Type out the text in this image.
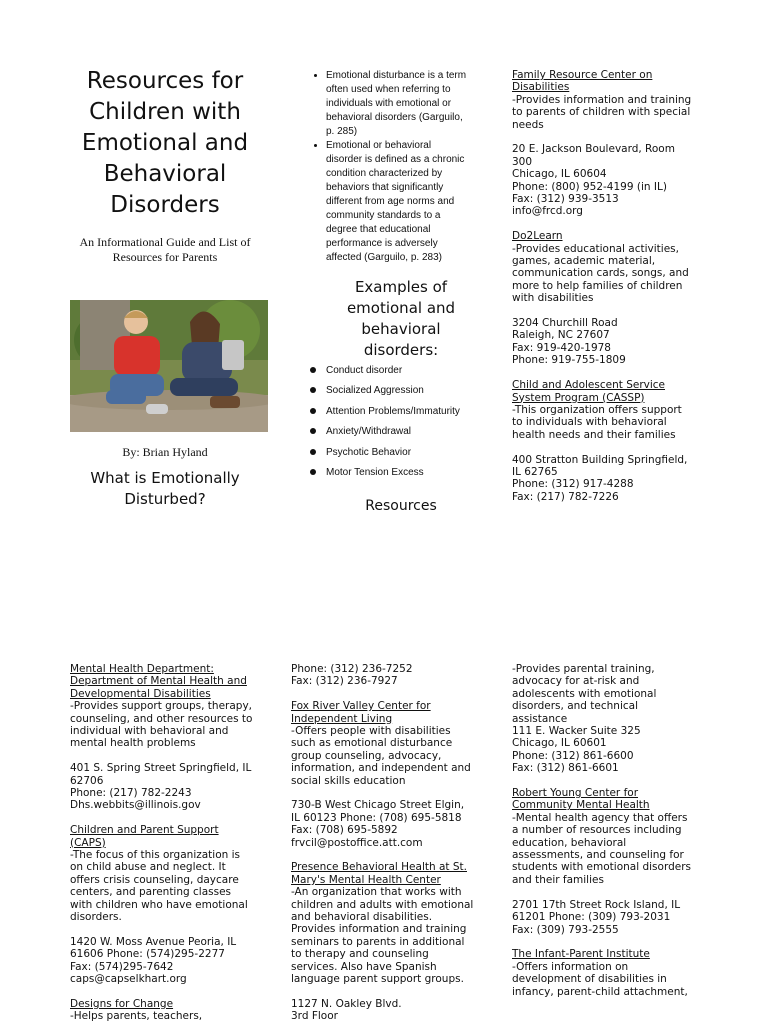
Resources for
Children with
Emotional and
Behavioral
Disorders
An Informational Guide and List of
Resources for Parents
By: Brian Hyland
What is Emotionally
Disturbed?
• Emotional disturbance is a term
often used when referring to
individuals with emotional or
behavioral disorders (Garguilo,
p. 285)
• Emotional or behavioral
disorder is defined as a chronic
condition characterized by
behaviors that significantly
different from age norms and
community standards to a
degree that educational
performance is adversely
affected (Garguilo, p. 283)
Examples of
emotional and
behavioral
disorders:
Conduct disorder
Socialized Aggression
Attention Problems/Immaturity
Anxiety/Withdrawal
Psychotic Behavior
Motor Tension Excess
Resources
Family Resource Center on
Disabilities
-Provides information and training
to parents of children with special
needs
20 E. Jackson Boulevard, Room
300
Chicago, IL 60604
Phone: (800) 952-4199 (in IL)
Fax: (312) 939-3513
info@frcd.org
Do2Learn
-Provides educational activities,
games, academic material,
communication cards, songs, and
more to help families of children
with disabilities
3204 Churchill Road
Raleigh, NC 27607
Fax: 919-420-1978
Phone: 919-755-1809
Child and Adolescent Service
System Program (CASSP)
-This organization offers support
to individuals with behavioral
health needs and their families
400 Stratton Building Springfield,
IL 62765
Phone: (312) 917-4288
Fax: (217) 782-7226
Mental Health Department:
Department of Mental Health and
Developmental Disabilities
-Provides support groups, therapy,
counseling, and other resources to
individual with behavioral and
mental health problems
401 S. Spring Street Springfield, IL
62706
Phone: (217) 782-2243
Dhs.webbits@illinois.gov
Children and Parent Support
(CAPS)
-The focus of this organization is
on child abuse and neglect. It
offers crisis counseling, daycare
centers, and parenting classes
with children who have emotional
disorders.
1420 W. Moss Avenue Peoria, IL
61606 Phone: (574)295-2277
Fax: (574)295-7642
caps@capselkhart.org
Designs for Change
-Helps parents, teachers,
Phone: (312) 236-7252
Fax: (312) 236-7927
Fox River Valley Center for
Independent Living
-Offers people with disabilities
such as emotional disturbance
group counseling, advocacy,
information, and independent and
social skills education
730-B West Chicago Street Elgin,
IL 60123 Phone: (708) 695-5818
Fax: (708) 695-5892
frvcil@postoffice.att.com
Presence Behavioral Health at St.
Mary's Mental Health Center
-An organization that works with
children and adults with emotional
and behavioral disabilities.
Provides information and training
seminars to parents in additional
to therapy and counseling
services. Also have Spanish
language parent support groups.
1127 N. Oakley Blvd.
3rd Floor
-Provides parental training,
advocacy for at-risk and
adolescents with emotional
disorders, and technical
assistance
111 E. Wacker Suite 325
Chicago, IL 60601
Phone: (312) 861-6600
Fax: (312) 861-6601
Robert Young Center for
Community Mental Health
-Mental health agency that offers
a number of resources including
education, behavioral
assessments, and counseling for
students with emotional disorders
and their families
2701 17th Street Rock Island, IL
61201 Phone: (309) 793-2031
Fax: (309) 793-2555
The Infant-Parent Institute
-Offers information on
development of disabilities in
infancy, parent-child attachment,
